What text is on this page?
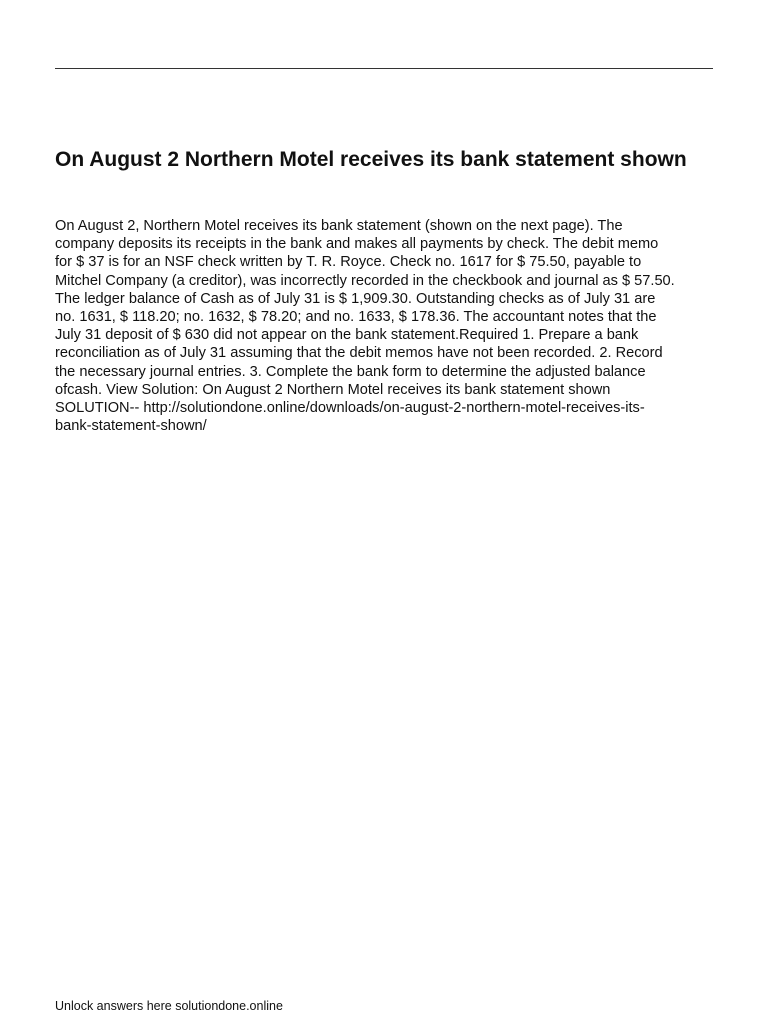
On August 2 Northern Motel receives its bank statement shown

On August 2, Northern Motel receives its bank statement (shown on the next page). The
company deposits its receipts in the bank and makes all payments by check. The debit memo
for $ 37 is for an NSF check written by T. R. Royce. Check no. 1617 for $ 75.50, payable to
Mitchel Company (a creditor), was incorrectly recorded in the checkbook and journal as $ 57.50.
The ledger balance of Cash as of July 31 is $ 1,909.30. Outstanding checks as of July 31 are
no. 1631, $ 118.20; no. 1632, $ 78.20; and no. 1633, $ 178.36. The accountant notes that the
July 31 deposit of $ 630 did not appear on the bank statement.Required 1. Prepare a bank
reconciliation as of July 31 assuming that the debit memos have not been recorded. 2. Record
the necessary journal entries. 3. Complete the bank form to determine the adjusted balance
ofcash. View Solution: On August 2 Northern Motel receives its bank statement shown
SOLUTION-- http://solutiondone.online/downloads/on-august-2-northern-motel-receives-its-
bank-statement-shown/

Unlock answers here solutiondone.online
